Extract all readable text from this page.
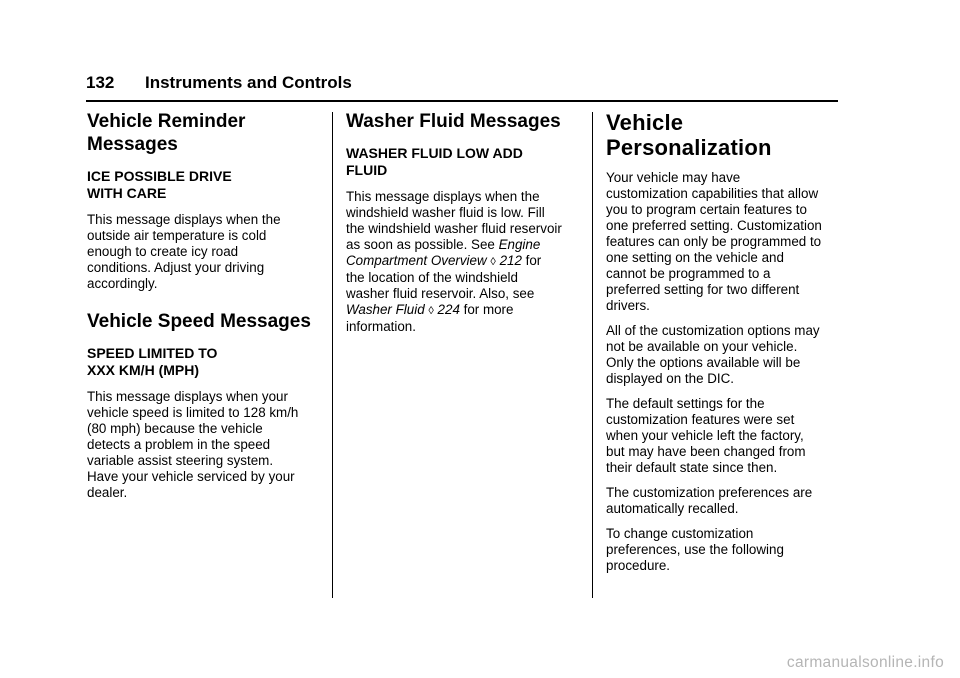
132 Instruments and Controls
Vehicle Reminder
Messages
ICE POSSIBLE DRIVE
WITH CARE

This message displays when the
outside air temperature is cold
enough to create icy road
conditions. Adjust your driving
accordingly.

Vehicle Speed Messages
SPEED LIMITED TO
XXX KM/H (MPH)

This message displays when your
vehicle speed is limited to 128 km/h
(80 mph) because the vehicle
detects a problem in the speed
variable assist steering system.
Have your vehicle serviced by your
dealer.

Washer Fluid Messages
WASHER FLUID LOW ADD
FLUID

This message displays when the
windshield washer fluid is low. Fill
the windshield washer fluid reservoir
as soon as possible. See Engine
Compartment Overview ◊ 212 for
the location of the windshield
washer fluid reservoir. Also, see
Washer Fluid ◊ 224 for more
information.

Vehicle
Personalization

Your vehicle may have
customization capabilities that allow
you to program certain features to
one preferred setting. Customization
features can only be programmed to
one setting on the vehicle and
cannot be programmed to a
preferred setting for two different
drivers.

All of the customization options may
not be available on your vehicle.
Only the options available will be
displayed on the DIC.

The default settings for the
customization features were set
when your vehicle left the factory,
but may have been changed from
their default state since then.

The customization preferences are
automatically recalled.

To change customization
preferences, use the following
procedure.

carmanualsonline.info
